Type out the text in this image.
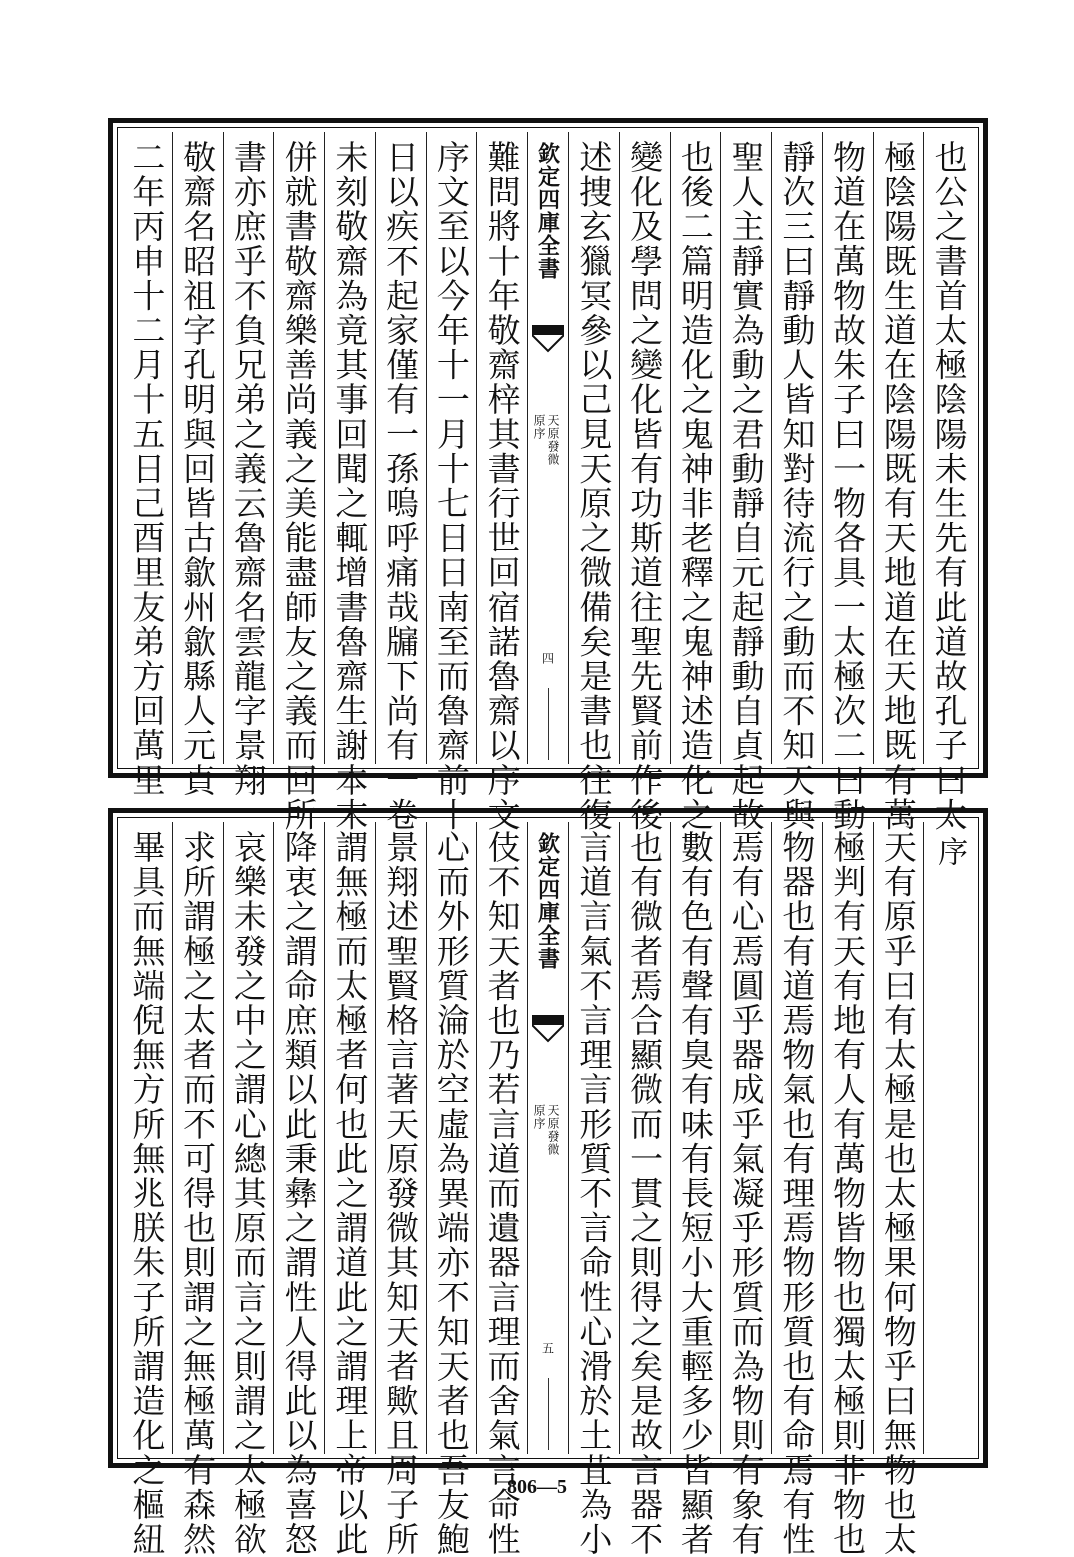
也公之書首太極陰陽未生先有此道故孔子曰太
極陰陽既生道在陰陽既有天地道在天地既有萬
物道在萬物故朱子曰一物各具一太極次二曰動
靜次三曰靜動人皆知對待流行之動而不知天與
聖人主靜實為動之君動靜自元起靜動自貞起故
也後二篇明造化之鬼神非老釋之鬼神述造化之
變化及學問之變化皆有功斯道往聖先賢前作後
述捜玄獵冥參以己見天原之微備矣是書也往復
欽定四庫全書
天原發微
原序
四
難問將十年敬齋梓其書行世回宿諾魯齋以序文
序文至以今年十一月十七日日南至而魯齋前十
日以疾不起家僅有一孫嗚呼痛哉牖下尚有一卷
未刻敬齋為竟其事回聞之輒增書魯齋生謝本末
併就書敬齋樂善尚義之美能盡師友之義而回所
書亦庶乎不負兄弟之義云魯齋名雲龍字景翔
敬齋名昭祖字孔明與回皆古歙州歙縣人元貞
二年丙申十二月十五日己酉里友弟方回萬里
序
天有原乎曰有太極是也太極果何物乎曰無物也太
極判有天有地有人有萬物皆物也獨太極則非物也
物器也有道焉物氣也有理焉物形質也有命焉有性
焉有心焉圓乎器成乎氣凝乎形質而為物則有象有
數有色有聲有臭有味有長短小大重輕多少皆顯者
也有微者焉合顯微而一貫之則得之矣是故言器不
言道言氣不言理言形質不言命性心滑於土苴為小
欽定四庫全書
天原發微
原序
五
伎不知天者也乃若言道而遺器言理而舍氣言命性
心而外形質淪於空虛為異端亦不知天者也吾友鮑
景翔述聖賢格言著天原發微其知天者歟且周子所
謂無極而太極者何也此之謂道此之謂理上帝以此
降衷之謂命庶類以此秉彝之謂性人得此以為喜怒
哀樂未發之中之謂心總其原而言之則謂之太極欲
求所謂極之太者而不可得也則謂之無極萬有森然
畢具而無端倪無方所無兆朕朱子所謂造化之樞紐	806—5
